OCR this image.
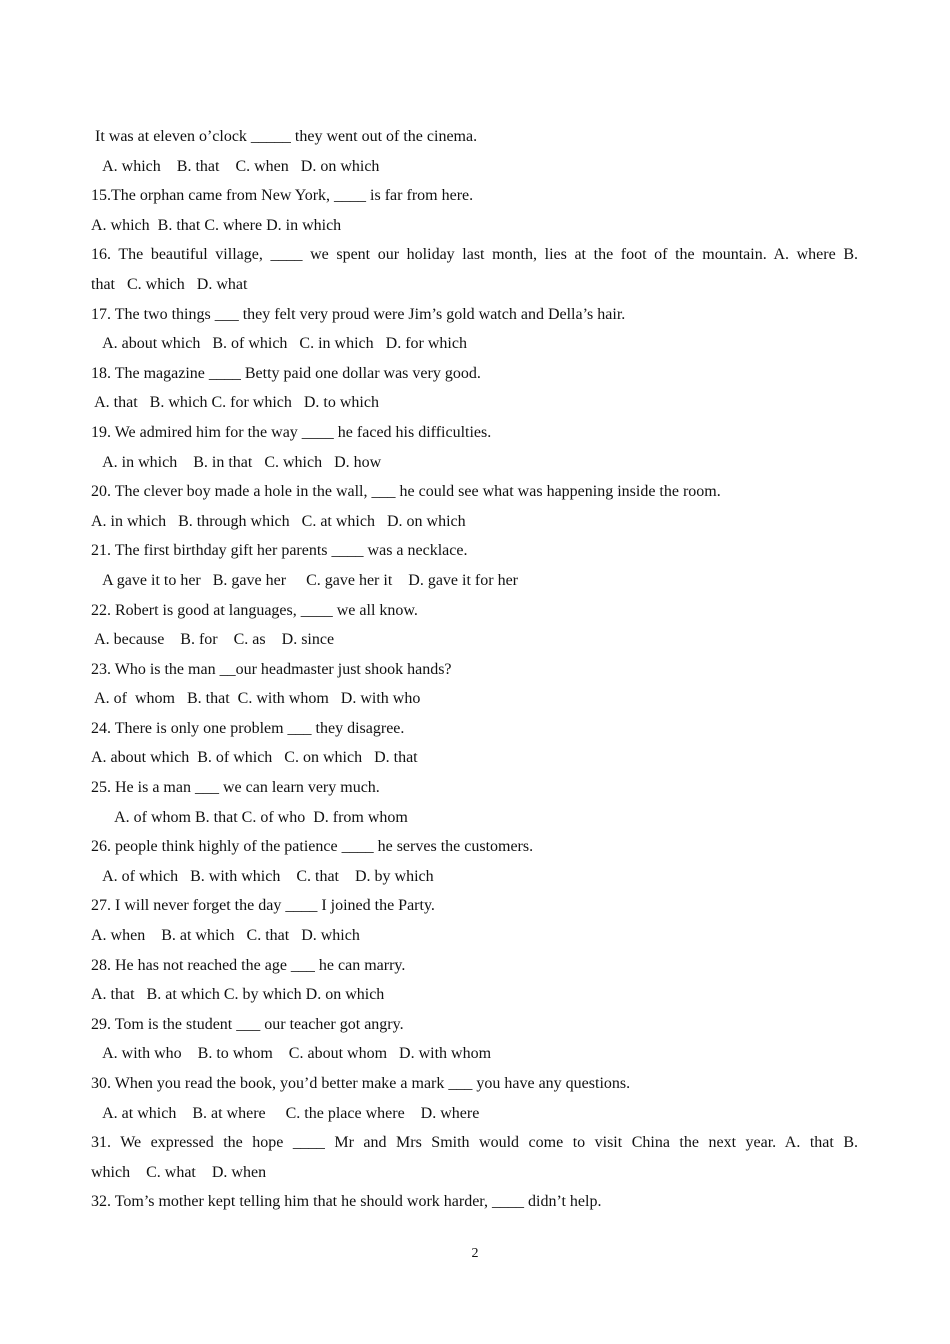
It was at eleven o’clock _____ they went out of the cinema.
A. which    B. that    C. when   D. on which
15.The orphan came from New York, ____ is far from here.
A. which  B. that C. where D. in which
16. The beautiful village, ____ we spent our holiday last month, lies at the foot of the mountain. A. where B.
that   C. which   D. what
17. The two things ___ they felt very proud were Jim’s gold watch and Della’s hair.
A. about which   B. of which   C. in which   D. for which
18. The magazine ____ Betty paid one dollar was very good.
A. that   B. which C. for which   D. to which
19. We admired him for the way ____ he faced his difficulties.
A. in which    B. in that   C. which   D. how
20. The clever boy made a hole in the wall, ___ he could see what was happening inside the room.
A. in which   B. through which   C. at which   D. on which
21. The first birthday gift her parents ____ was a necklace.
A gave it to her   B. gave her     C. gave her it    D. gave it for her
22. Robert is good at languages, ____ we all know.
A. because    B. for    C. as    D. since
23. Who is the man __our headmaster just shook hands?
A. of  whom   B. that  C. with whom   D. with who
24. There is only one problem ___ they disagree.
A. about which  B. of which   C. on which   D. that
25. He is a man ___ we can learn very much.
A. of whom B. that C. of who  D. from whom
26. people think highly of the patience ____ he serves the customers.
A. of which   B. with which    C. that    D. by which
27. I will never forget the day ____ I joined the Party.
A. when    B. at which   C. that   D. which
28. He has not reached the age ___ he can marry.
A. that   B. at which C. by which D. on which
29. Tom is the student ___ our teacher got angry.
A. with who    B. to whom    C. about whom   D. with whom
30. When you read the book, you’d better make a mark ___ you have any questions.
A. at which    B. at where     C. the place where    D. where
31. We expressed the hope ____ Mr and Mrs Smith would come to visit China the next year. A. that B.
which    C. what    D. when
32. Tom’s mother kept telling him that he should work harder, ____ didn’t help.
2
